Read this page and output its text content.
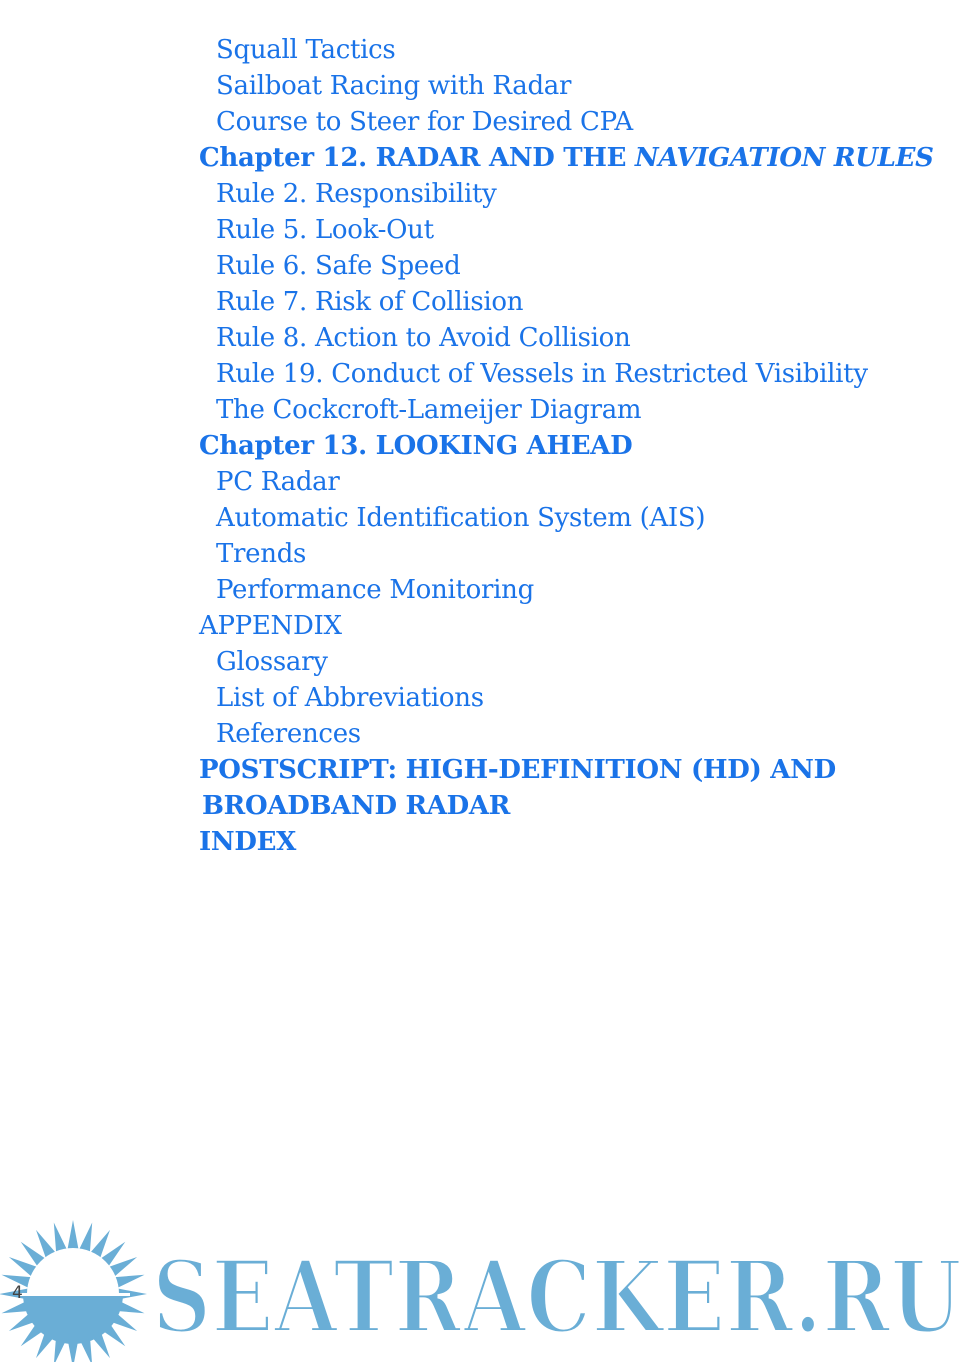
Squall Tactics
Sailboat Racing with Radar
Course to Steer for Desired CPA
Chapter 12. RADAR AND THE NAVIGATION RULES
Rule 2. Responsibility
Rule 5. Look-Out
Rule 6. Safe Speed
Rule 7. Risk of Collision
Rule 8. Action to Avoid Collision
Rule 19. Conduct of Vessels in Restricted Visibility
The Cockcroft-Lameijer Diagram
Chapter 13. LOOKING AHEAD
PC Radar
Automatic Identification System (AIS)
Trends
Performance Monitoring
APPENDIX
Glossary
List of Abbreviations
References
POSTSCRIPT: HIGH-DEFINITION (HD) AND
BROADBAND RADAR
INDEX
4 SEATRACKER.RU
